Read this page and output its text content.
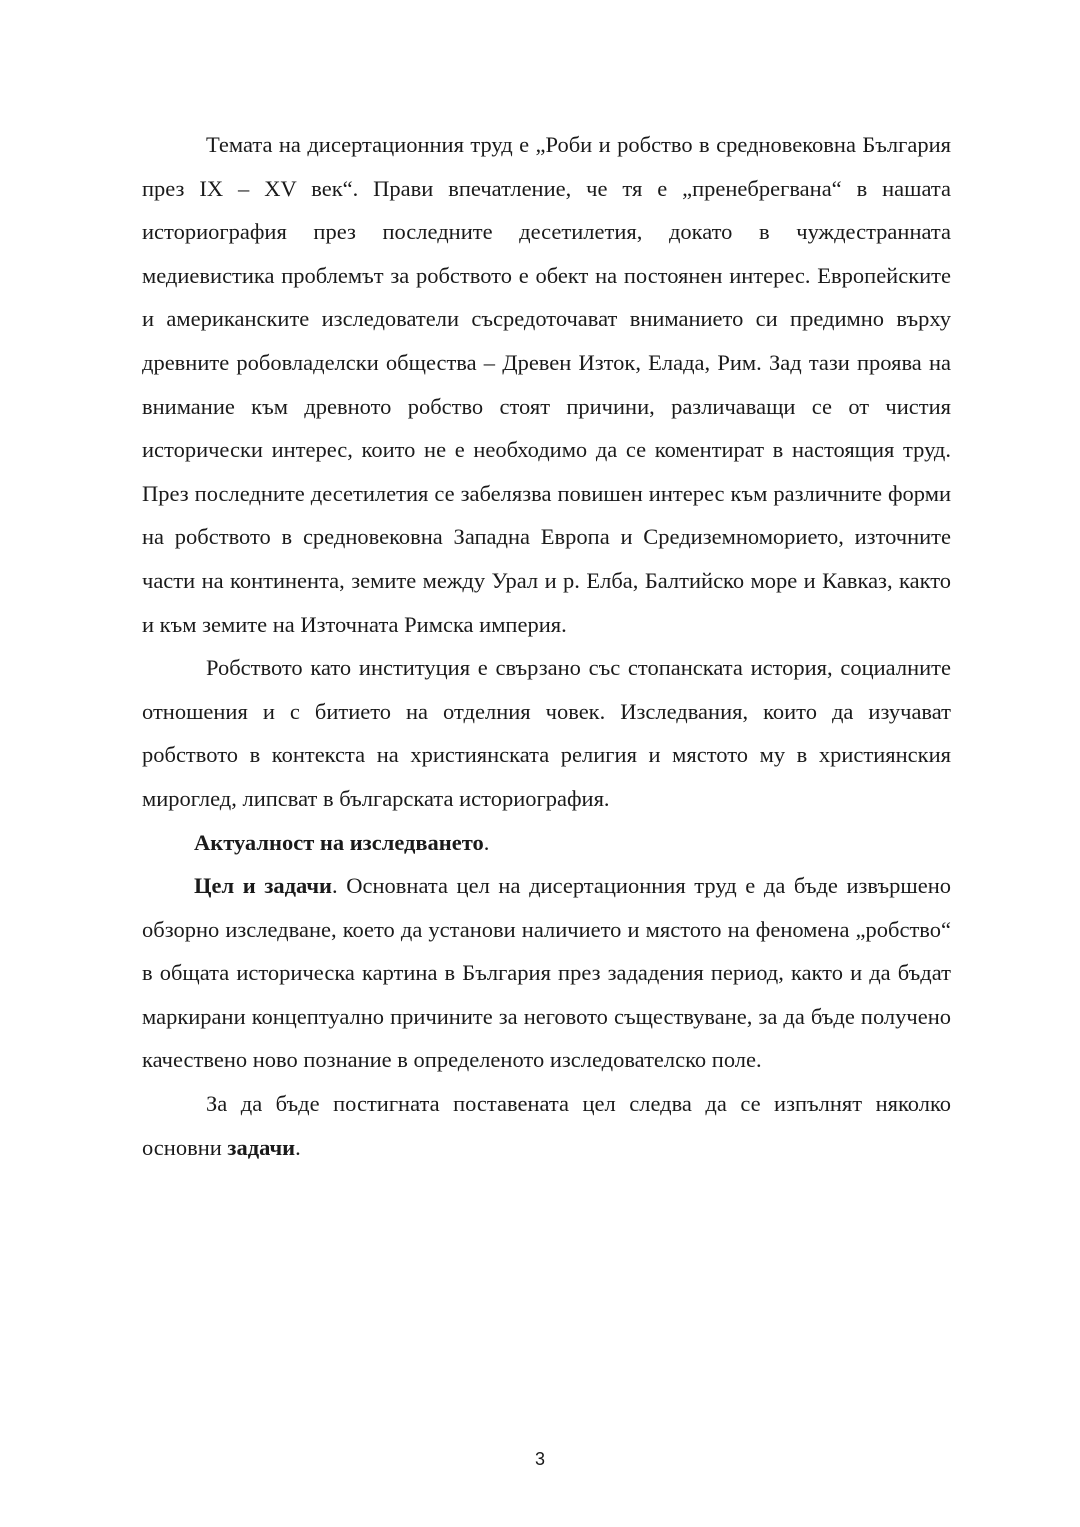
Темата на дисертационния труд е „Роби и робство в средновековна България през IX – XV век“. Прави впечатление, че тя е „пренебрегвана“ в нашата историография през последните десетилетия, докато в чуждестранната медиевистика проблемът за робството е обект на постоянен интерес. Европейските и американските изследователи съсредоточават вниманието си предимно върху древните робовладелски общества – Древен Изток, Елада, Рим. Зад тази проява на внимание към древното робство стоят причини, различаващи се от чистия исторически интерес, които не е необходимо да се коментират в настоящия труд. През последните десетилетия се забелязва повишен интерес към различните форми на робството в средновековна Западна Европа и Средиземноморието, източните части на континента, земите между Урал и р. Елба, Балтийско море и Кавказ, както и към земите на Източната Римска империя.

Робството като институция е свързано със стопанската история, социалните отношения и с битието на отделния човек. Изследвания, които да изучават робството в контекста на християнската религия и мястото му в християнския мироглед, липсват в българската историография.

Актуалност на изследването.

Цел и задачи. Основната цел на дисертационния труд е да бъде извършено обзорно изследване, което да установи наличието и мястото на феномена „робство“ в общата историческа картина в България през зададения период, както и да бъдат маркирани концептуално причините за неговото съществуване, за да бъде получено качествено ново познание в определеното изследователско поле.

За да бъде постигната поставената цел следва да се изпълнят няколко основни задачи.

3
